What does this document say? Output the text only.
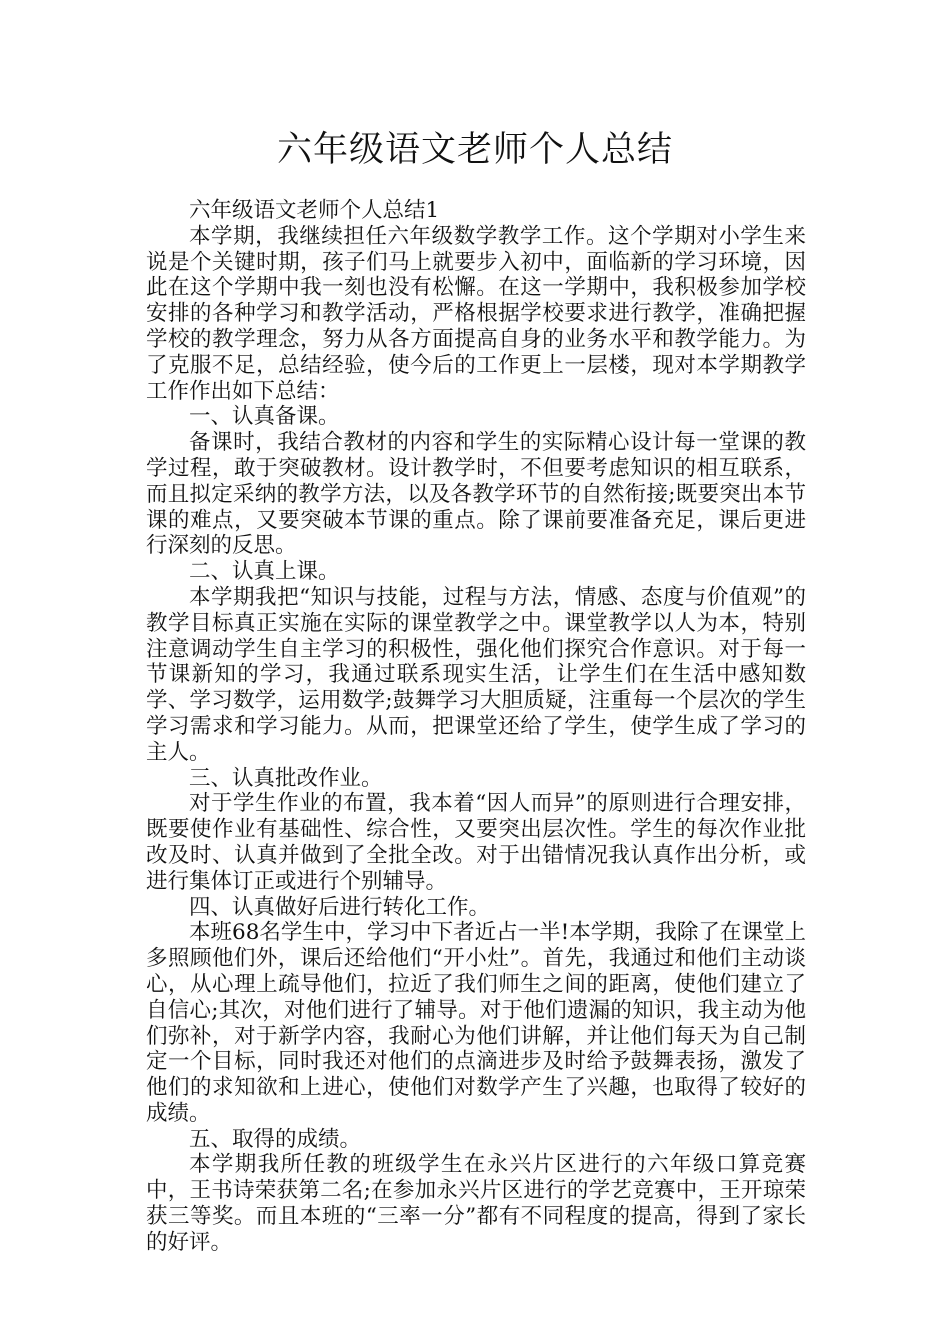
六年级语文老师个人总结

六年级语文老师个人总结1

本学期，我继续担任六年级数学教学工作。这个学期对小学生来说是个关键时期，孩子们马上就要步入初中，面临新的学习环境，因此在这个学期中我一刻也没有松懈。在这一学期中，我积极参加学校安排的各种学习和教学活动，严格根据学校要求进行教学，准确把握学校的教学理念，努力从各方面提高自身的业务水平和教学能力。为了克服不足，总结经验，使今后的工作更上一层楼，现对本学期教学工作作出如下总结：

一、认真备课。

备课时，我结合教材的内容和学生的实际精心设计每一堂课的教学过程，敢于突破教材。设计教学时，不但要考虑知识的相互联系，而且拟定采纳的教学方法，以及各教学环节的自然衔接;既要突出本节课的难点，又要突破本节课的重点。除了课前要准备充足，课后更进行深刻的反思。

二、认真上课。

本学期我把“知识与技能，过程与方法，情感、态度与价值观”的教学目标真正实施在实际的课堂教学之中。课堂教学以人为本，特别注意调动学生自主学习的积极性，强化他们探究合作意识。对于每一节课新知的学习，我通过联系现实生活，让学生们在生活中感知数学、学习数学，运用数学;鼓舞学习大胆质疑，注重每一个层次的学生学习需求和学习能力。从而，把课堂还给了学生，使学生成了学习的主人。

三、认真批改作业。

对于学生作业的布置，我本着“因人而异”的原则进行合理安排，既要使作业有基础性、综合性，又要突出层次性。学生的每次作业批改及时、认真并做到了全批全改。对于出错情况我认真作出分析，或进行集体订正或进行个别辅导。

四、认真做好后进行转化工作。

本班68名学生中，学习中下者近占一半!本学期，我除了在课堂上多照顾他们外，课后还给他们“开小灶”。首先，我通过和他们主动谈心，从心理上疏导他们，拉近了我们师生之间的距离，使他们建立了自信心;其次，对他们进行了辅导。对于他们遗漏的知识，我主动为他们弥补，对于新学内容，我耐心为他们讲解，并让他们每天为自己制定一个目标，同时我还对他们的点滴进步及时给予鼓舞表扬，激发了他们的求知欲和上进心，使他们对数学产生了兴趣，也取得了较好的成绩。

五、取得的成绩。

本学期我所任教的班级学生在永兴片区进行的六年级口算竞赛中，王书诗荣获第二名;在参加永兴片区进行的学艺竞赛中，王开琼荣获三等奖。而且本班的“三率一分”都有不同程度的提高，得到了家长的好评。
